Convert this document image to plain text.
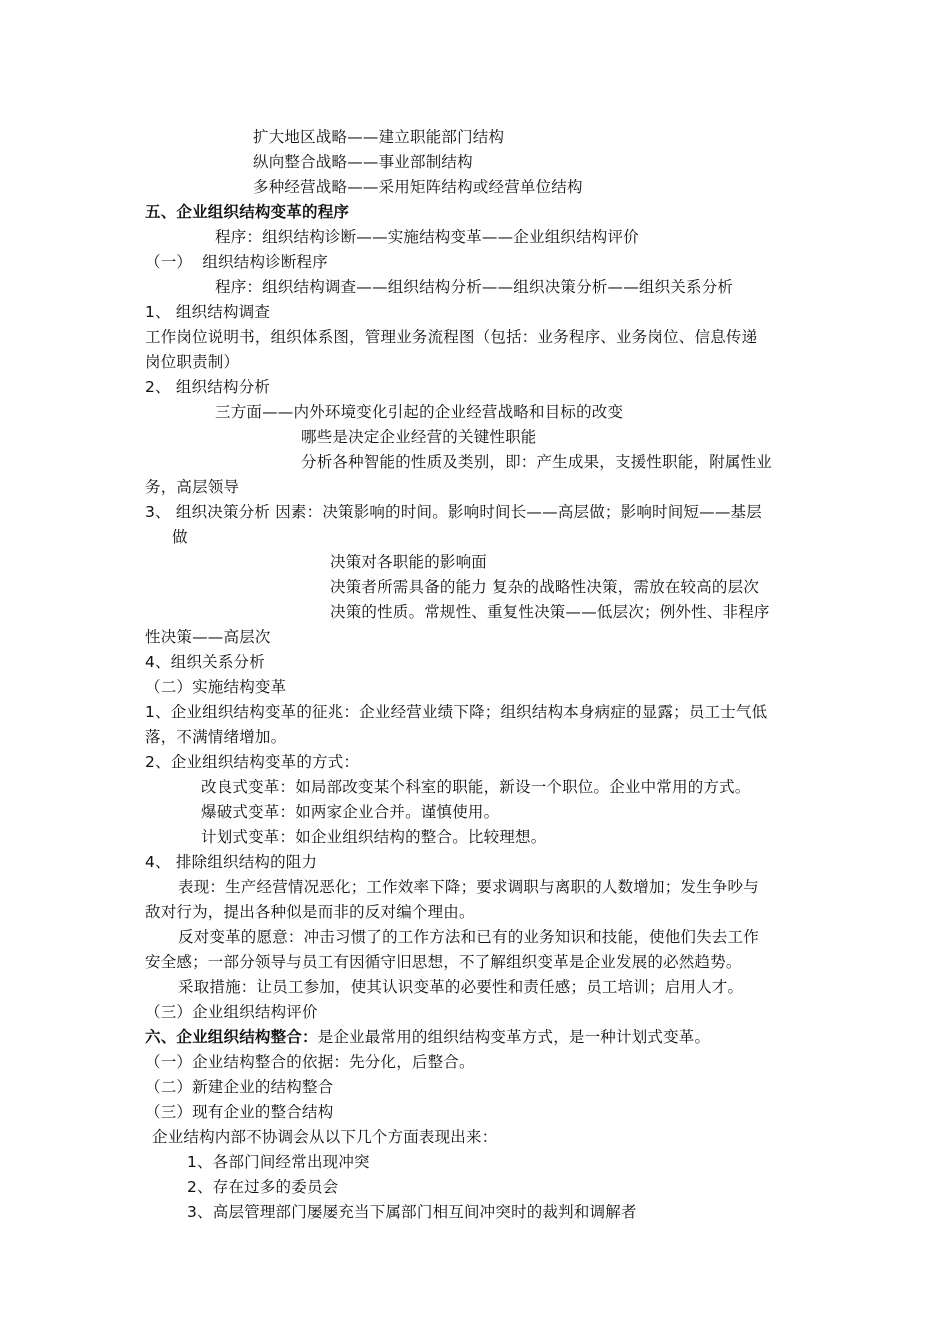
扩大地区战略——建立职能部门结构
纵向整合战略——事业部制结构
多种经营战略——采用矩阵结构或经营单位结构
五、企业组织结构变革的程序
程序：组织结构诊断——实施结构变革——企业组织结构评价
（一）  组织结构诊断程序
程序：组织结构调查——组织结构分析——组织决策分析——组织关系分析
1、 组织结构调查
工作岗位说明书，组织体系图，管理业务流程图（包括：业务程序、业务岗位、信息传递
岗位职责制）
2、 组织结构分析
三方面——内外环境变化引起的企业经营战略和目标的改变
哪些是决定企业经营的关键性职能
分析各种智能的性质及类别，即：产生成果，支援性职能，附属性业
务，高层领导
3、 组织决策分析 因素：决策影响的时间。影响时间长——高层做；影响时间短——基层
做
决策对各职能的影响面
决策者所需具备的能力 复杂的战略性决策，需放在较高的层次
决策的性质。常规性、重复性决策——低层次；例外性、非程序
性决策——高层次
4、组织关系分析
（二）实施结构变革
1、企业组织结构变革的征兆：企业经营业绩下降；组织结构本身病症的显露；员工士气低
落，不满情绪增加。
2、企业组织结构变革的方式：
改良式变革：如局部改变某个科室的职能，新设一个职位。企业中常用的方式。
爆破式变革：如两家企业合并。谨慎使用。
计划式变革：如企业组织结构的整合。比较理想。
4、 排除组织结构的阻力
表现：生产经营情况恶化；工作效率下降；要求调职与离职的人数增加；发生争吵与
敌对行为，提出各种似是而非的反对编个理由。
反对变革的愿意：冲击习惯了的工作方法和已有的业务知识和技能，使他们失去工作
安全感；一部分领导与员工有因循守旧思想，不了解组织变革是企业发展的必然趋势。
采取措施：让员工参加，使其认识变革的必要性和责任感；员工培训；启用人才。
（三）企业组织结构评价
六、企业组织结构整合：是企业最常用的组织结构变革方式，是一种计划式变革。
（一）企业结构整合的依据：先分化，后整合。
（二）新建企业的结构整合
（三）现有企业的整合结构
企业结构内部不协调会从以下几个方面表现出来：
1、各部门间经常出现冲突
2、存在过多的委员会
3、高层管理部门屡屡充当下属部门相互间冲突时的裁判和调解者
